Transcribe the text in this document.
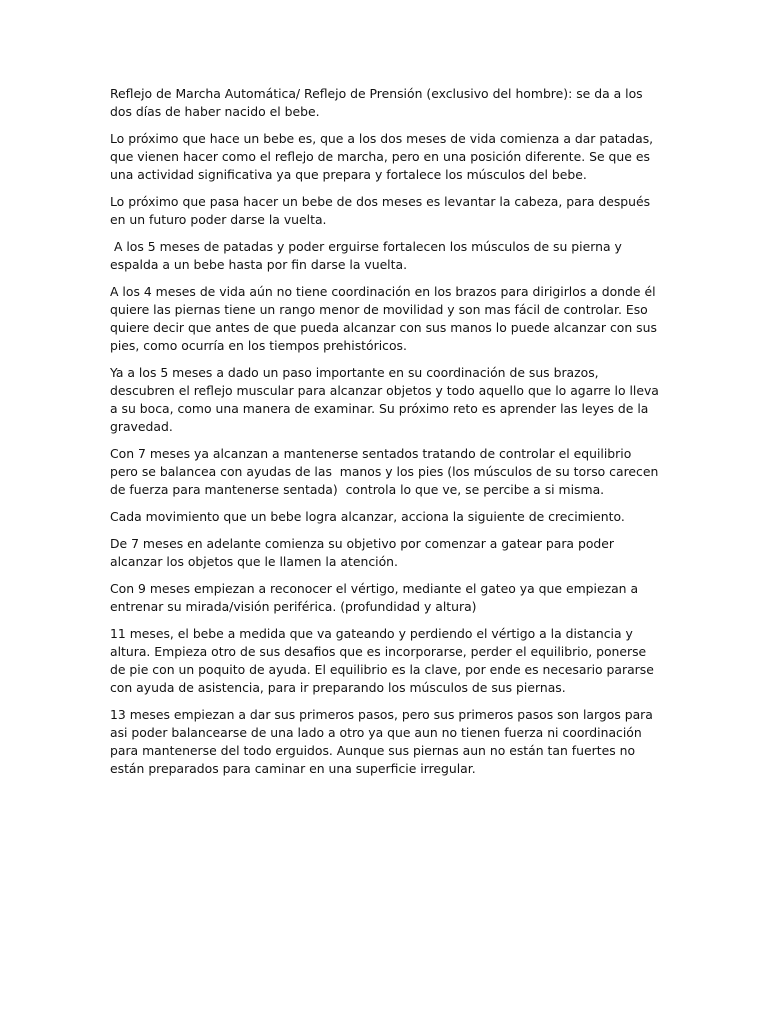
Reflejo de Marcha Automática/ Reflejo de Prensión (exclusivo del hombre): se da a los dos días de haber nacido el bebe.

Lo próximo que hace un bebe es, que a los dos meses de vida comienza a dar patadas, que vienen hacer como el reflejo de marcha, pero en una posición diferente. Se que es una actividad significativa ya que prepara y fortalece los músculos del bebe.

Lo próximo que pasa hacer un bebe de dos meses es levantar la cabeza, para después en un futuro poder darse la vuelta.

A los 5 meses de patadas y poder erguirse fortalecen los músculos de su pierna y espalda a un bebe hasta por fin darse la vuelta.

A los 4 meses de vida aún no tiene coordinación en los brazos para dirigirlos a donde él quiere las piernas tiene un rango menor de movilidad y son mas fácil de controlar. Eso quiere decir que antes de que pueda alcanzar con sus manos lo puede alcanzar con sus pies, como ocurría en los tiempos prehistóricos.

Ya a los 5 meses a dado un paso importante en su coordinación de sus brazos, descubren el reflejo muscular para alcanzar objetos y todo aquello que lo agarre lo lleva a su boca, como una manera de examinar. Su próximo reto es aprender las leyes de la gravedad.

Con 7 meses ya alcanzan a mantenerse sentados tratando de controlar el equilibrio pero se balancea con ayudas de las  manos y los pies (los músculos de su torso carecen de fuerza para mantenerse sentada)  controla lo que ve, se percibe a si misma.

Cada movimiento que un bebe logra alcanzar, acciona la siguiente de crecimiento.

De 7 meses en adelante comienza su objetivo por comenzar a gatear para poder alcanzar los objetos que le llamen la atención.

Con 9 meses empiezan a reconocer el vértigo, mediante el gateo ya que empiezan a entrenar su mirada/visión periférica. (profundidad y altura)

11 meses, el bebe a medida que va gateando y perdiendo el vértigo a la distancia y altura. Empieza otro de sus desafios que es incorporarse, perder el equilibrio, ponerse de pie con un poquito de ayuda. El equilibrio es la clave, por ende es necesario pararse con ayuda de asistencia, para ir preparando los músculos de sus piernas.

13 meses empiezan a dar sus primeros pasos, pero sus primeros pasos son largos para asi poder balancearse de una lado a otro ya que aun no tienen fuerza ni coordinación para mantenerse del todo erguidos. Aunque sus piernas aun no están tan fuertes no están preparados para caminar en una superficie irregular.
